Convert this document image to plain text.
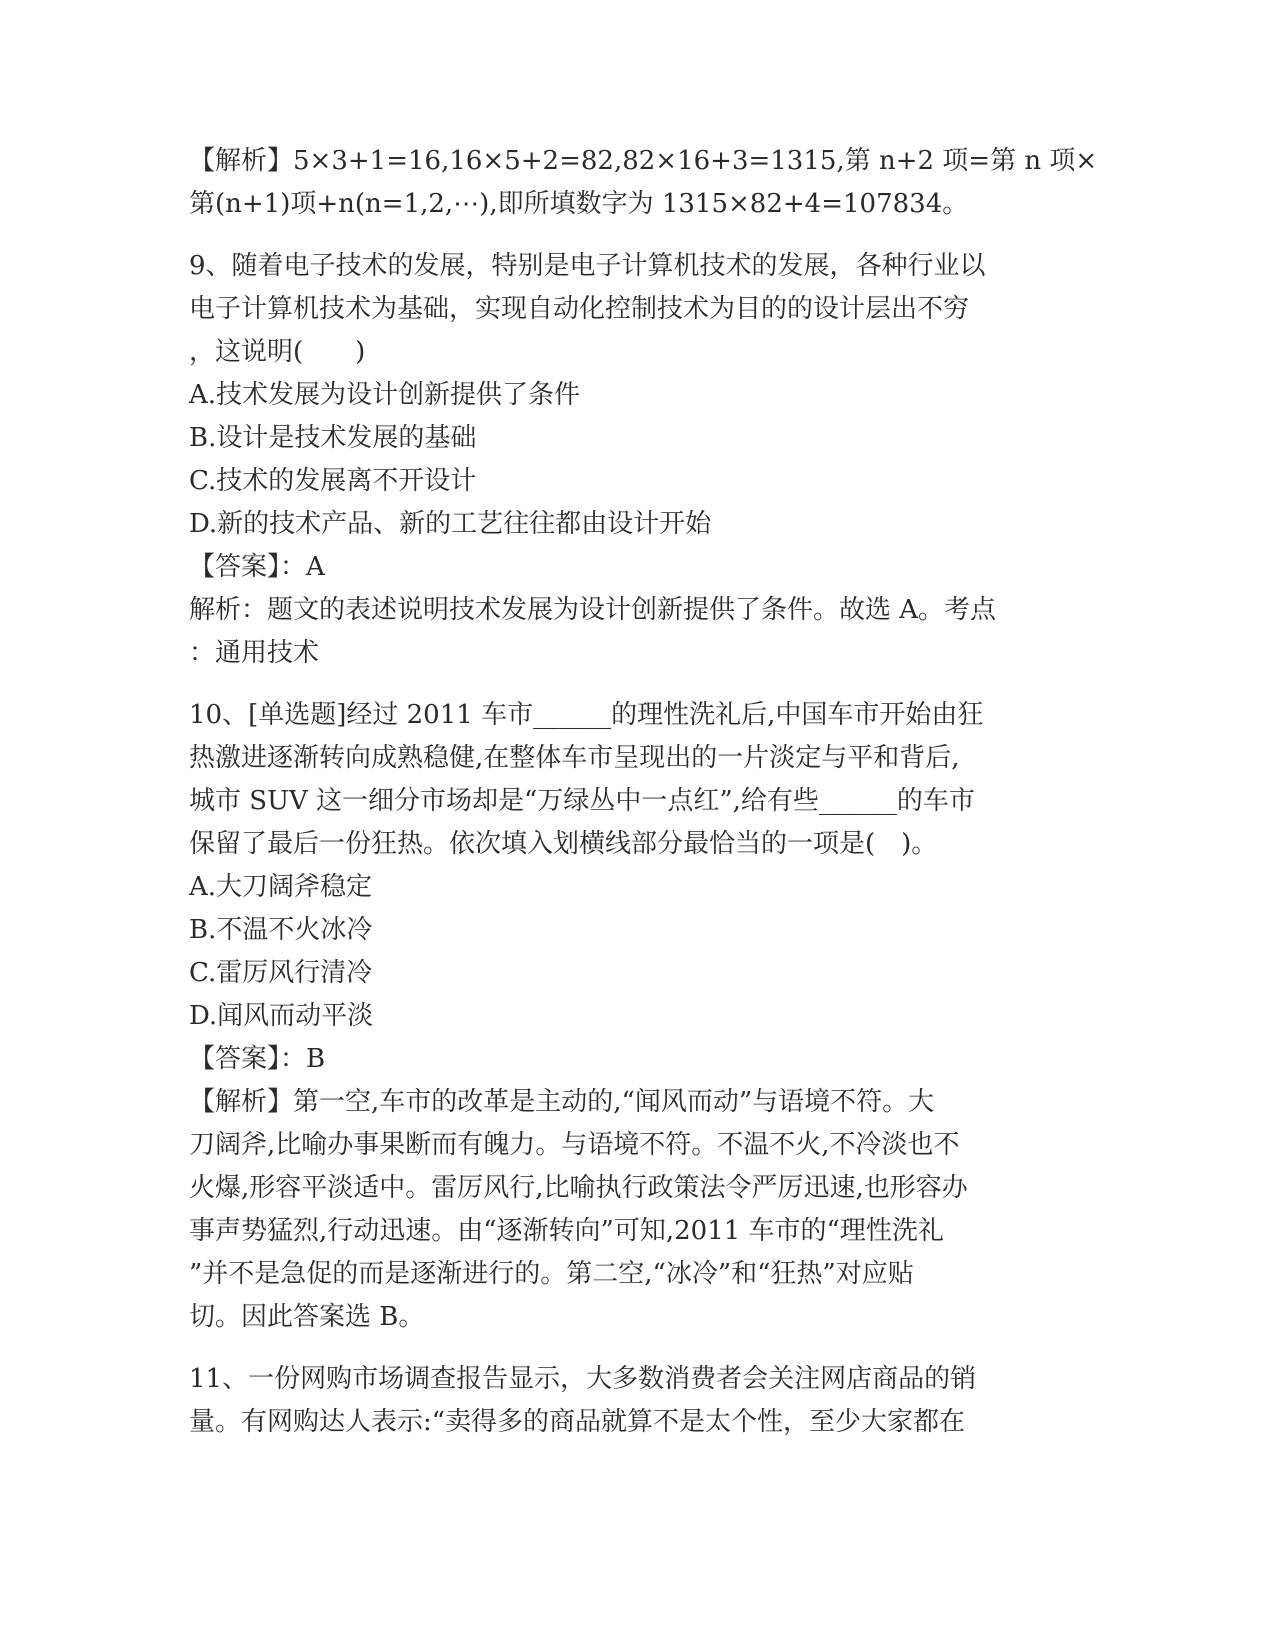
【解析】5×3+1=16,16×5+2=82,82×16+3=1315,第 n+2 项=第 n 项×
第(n+1)项+n(n=1,2,⋯),即所填数字为 1315×82+4=107834。
9、随着电子技术的发展，特别是电子计算机技术的发展，各种行业以
电子计算机技术为基础，实现自动化控制技术为目的的设计层出不穷
，这说明(　　)
A.技术发展为设计创新提供了条件
B.设计是技术发展的基础
C.技术的发展离不开设计
D.新的技术产品、新的工艺往往都由设计开始
【答案】：A
解析：题文的表述说明技术发展为设计创新提供了条件。故选 A。考点
：通用技术
10、[单选题]经过 2011 车市______的理性洗礼后,中国车市开始由狂
热激进逐渐转向成熟稳健,在整体车市呈现出的一片淡定与平和背后,
城市 SUV 这一细分市场却是“万绿丛中一点红”,给有些______的车市
保留了最后一份狂热。依次填入划横线部分最恰当的一项是(　)。
A.大刀阔斧稳定
B.不温不火冰冷
C.雷厉风行清冷
D.闻风而动平淡
【答案】：B
【解析】第一空,车市的改革是主动的,“闻风而动”与语境不符。大
刀阔斧,比喻办事果断而有魄力。与语境不符。不温不火,不冷淡也不
火爆,形容平淡适中。雷厉风行,比喻执行政策法令严厉迅速,也形容办
事声势猛烈,行动迅速。由“逐渐转向”可知,2011 车市的“理性洗礼
”并不是急促的而是逐渐进行的。第二空,“冰冷”和“狂热”对应贴
切。因此答案选 B。
11、一份网购市场调查报告显示，大多数消费者会关注网店商品的销
量。有网购达人表示:“卖得多的商品就算不是太个性，至少大家都在
